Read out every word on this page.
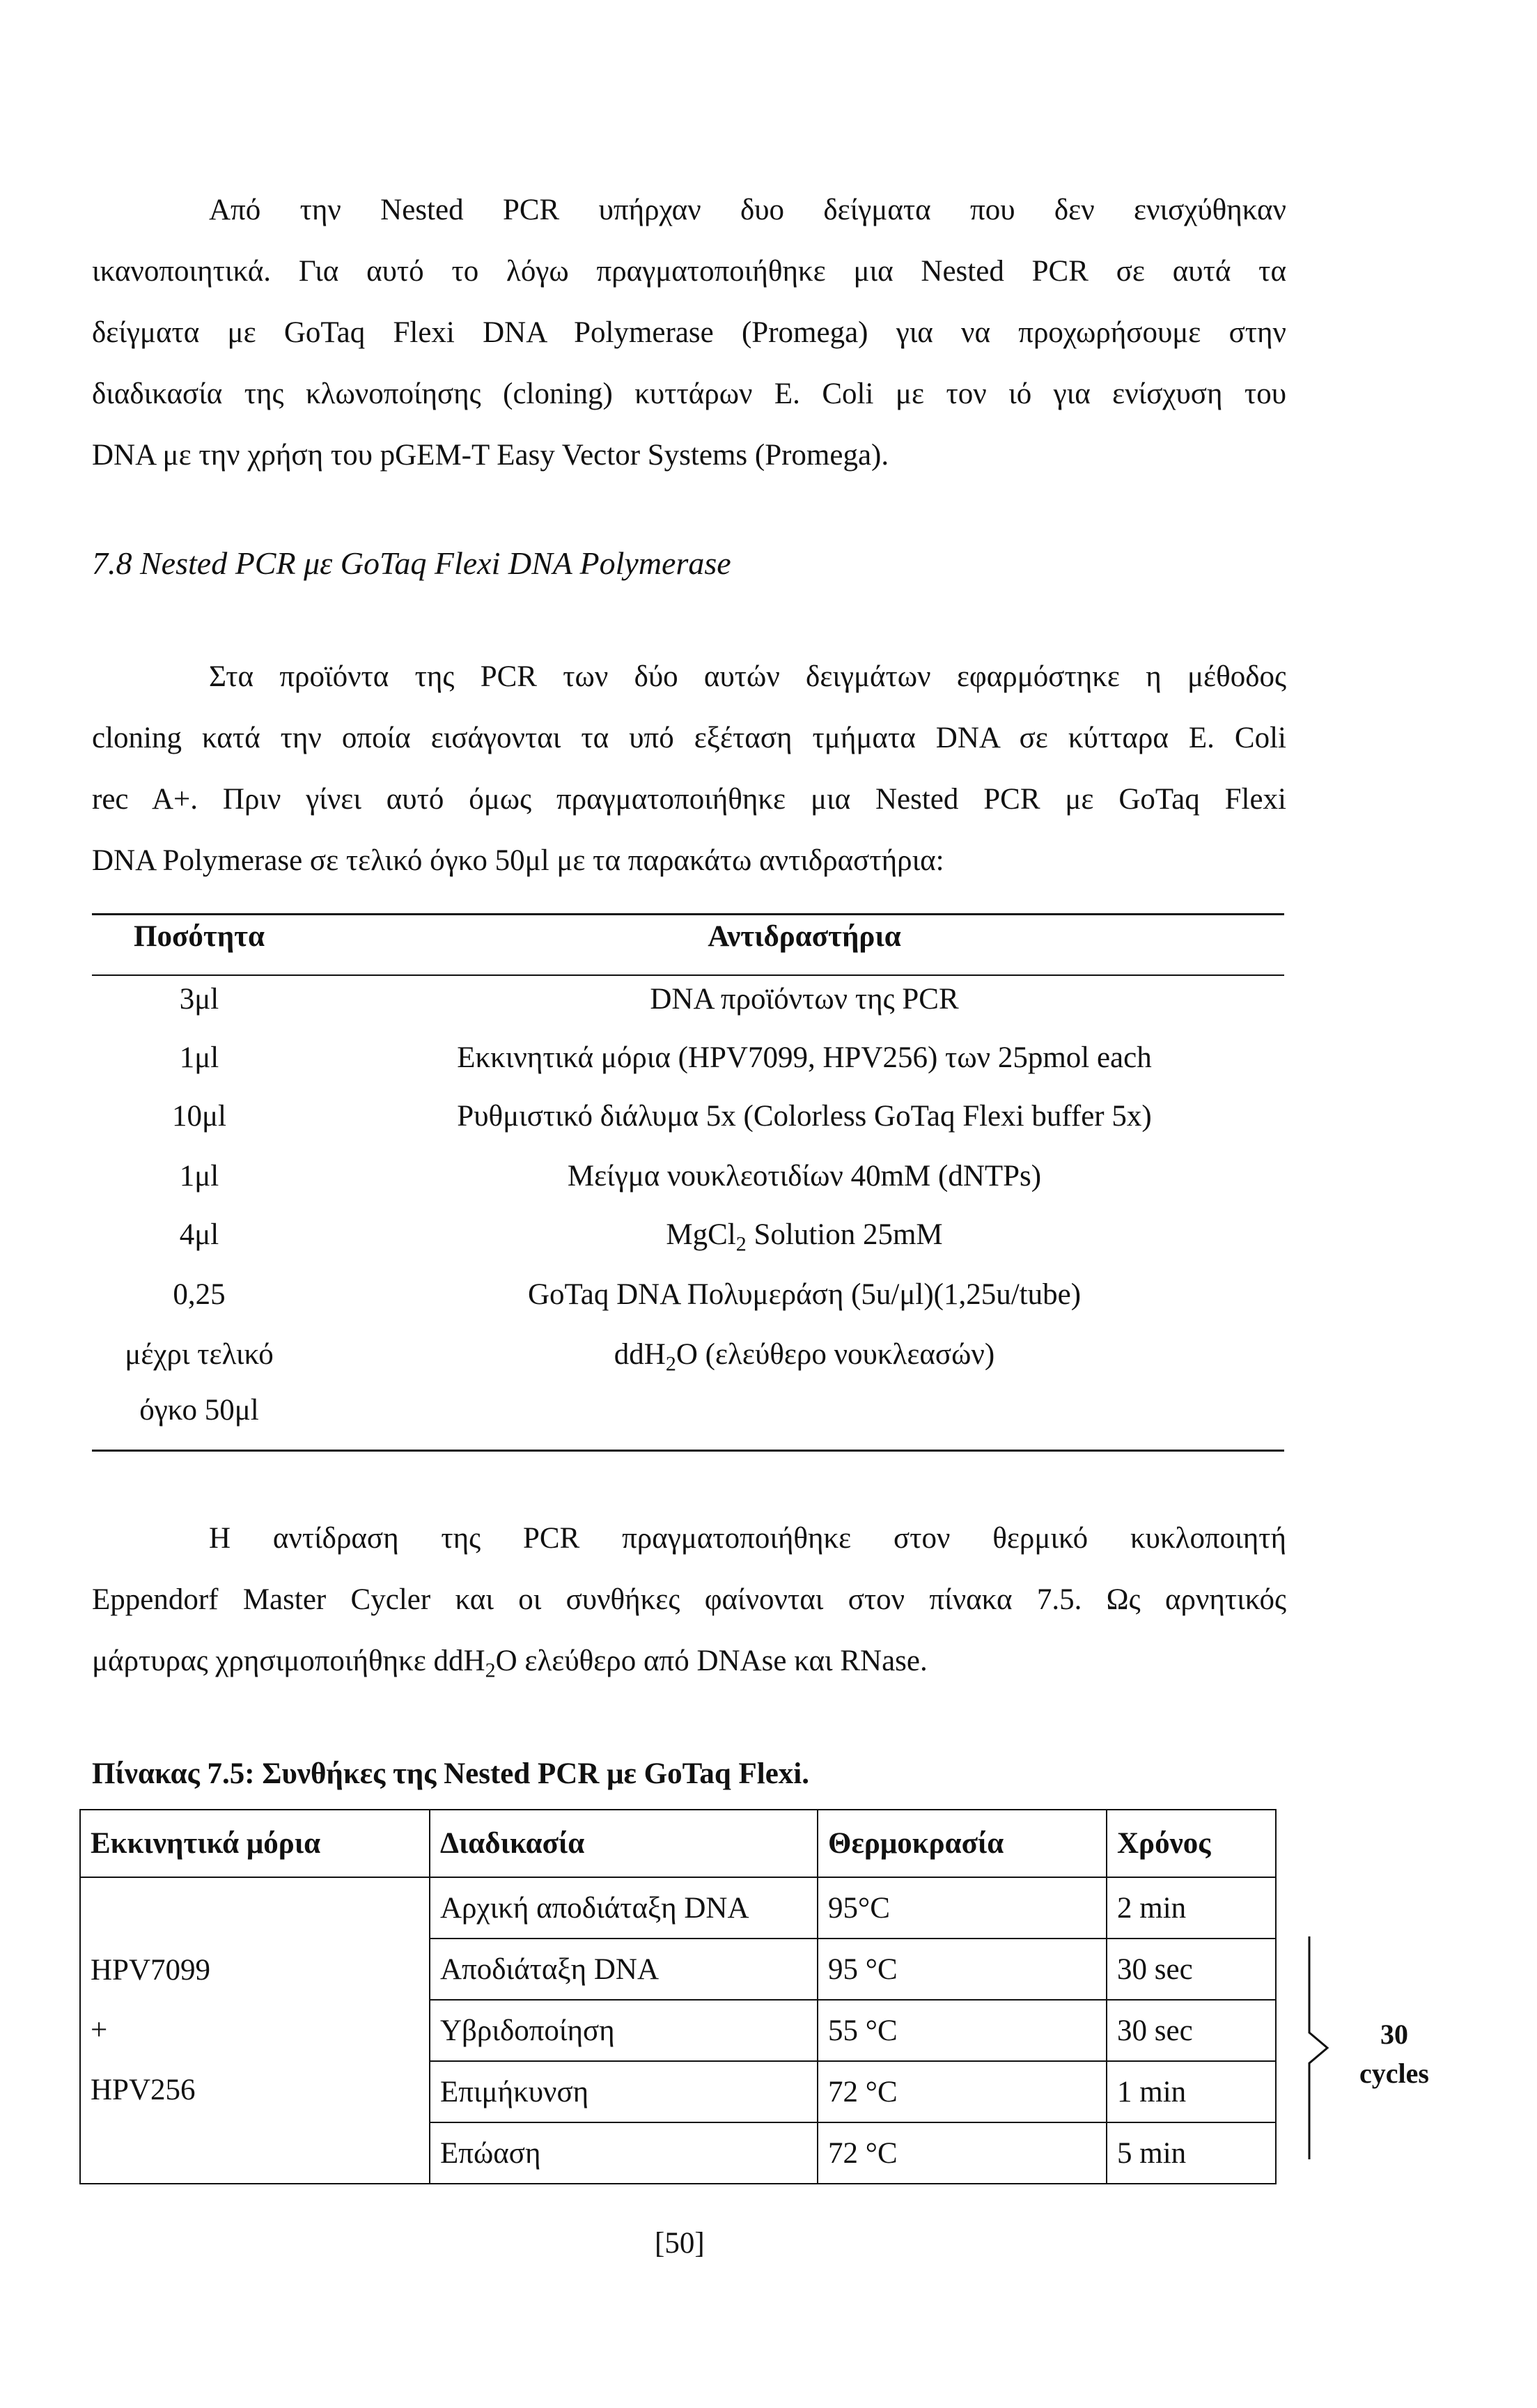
Από την Nested PCR υπήρχαν δυο δείγματα που δεν ενισχύθηκαν
ικανοποιητικά. Για αυτό το λόγω πραγματοποιήθηκε μια Nested PCR σε αυτά τα
δείγματα με GoTaq Flexi DNA Polymerase (Promega) για να προχωρήσουμε στην
διαδικασία της κλωνοποίησης (cloning) κυττάρων E. Coli με τον ιό για ενίσχυση του
DNA με την χρήση του pGEM-T Easy Vector Systems (Promega).
7.8 Nested PCR με GoTaq Flexi DNA Polymerase
Στα προϊόντα της PCR των δύο αυτών δειγμάτων εφαρμόστηκε η μέθοδος
cloning κατά την οποία εισάγονται τα υπό εξέταση τμήματα DNA σε κύτταρα E. Coli
rec A+. Πριν γίνει αυτό όμως πραγματοποιήθηκε μια Nested PCR με GoTaq Flexi
DNA Polymerase σε τελικό όγκο 50μl με τα παρακάτω αντιδραστήρια:
Ποσότητα	Αντιδραστήρια
3μl	DNA προϊόντων της PCR
1μl	Εκκινητικά μόρια (HPV7099, HPV256) των 25pmol each
10μl	Ρυθμιστικό διάλυμα 5x (Colorless GoTaq Flexi buffer 5x)
1μl	Μείγμα νουκλεοτιδίων 40mM (dNTPs)
4μl	MgCl$_2$ Solution 25mM
0,25	GoTaq DNA Πολυμεράση (5u/μl)(1,25u/tube)
μέχρι τελικό	ddH$_2$O (ελεύθερο νουκλεασών)
όγκο 50μl
Η αντίδραση της PCR πραγματοποιήθηκε στον θερμικό κυκλοποιητή
Eppendorf Master Cycler και οι συνθήκες φαίνονται στον πίνακα 7.5. Ως αρνητικός
μάρτυρας χρησιμοποιήθηκε ddH$_2$O ελεύθερο από DNAse και RNase.
Πίνακας 7.5: Συνθήκες της Nested PCR με GoTaq Flexi.
Εκκινητικά μόρια	Διαδικασία	Θερμοκρασία	Χρόνος

HPV7099
+
HPV256	Αρχική αποδιάταξη DNA	95°C	2 min
	Αποδιάταξη DNA	95 °C	30 sec
	Υβριδοποίηση	55 °C	30 sec
	Επιμήκυνση	72 °C	1 min
	Επώαση	72 °C	5 min
30
cycles
[50]
